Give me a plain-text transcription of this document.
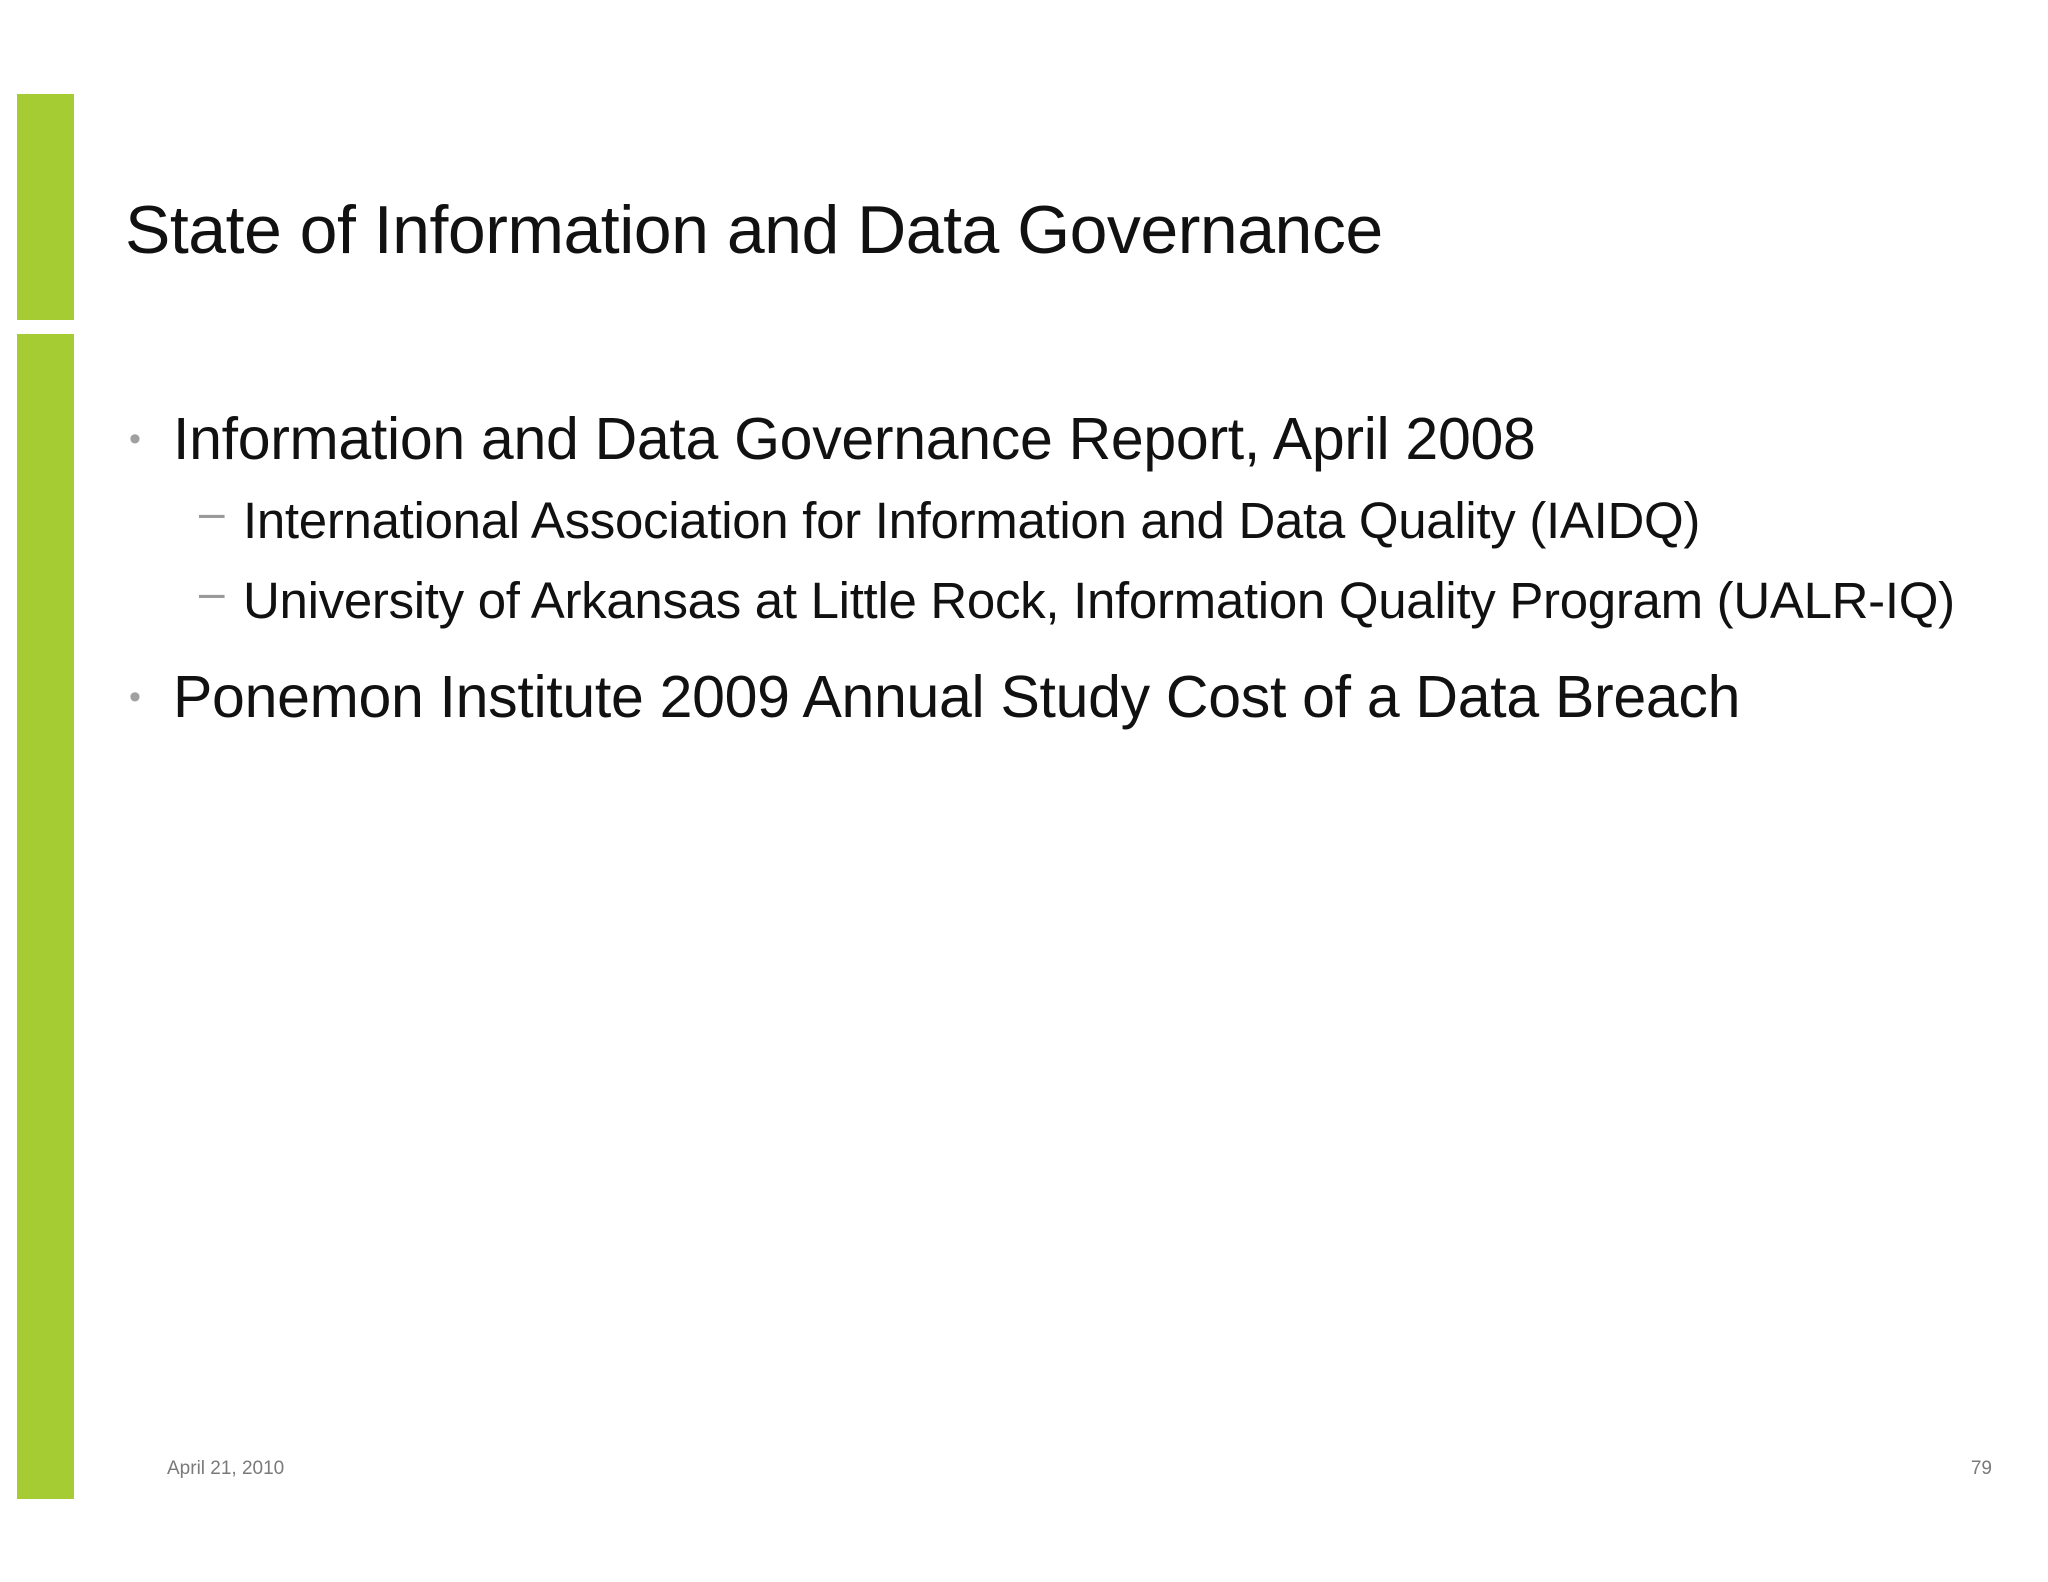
State of Information and Data Governance
• Information and Data Governance Report, April 2008
– International Association for Information and Data Quality (IAIDQ)
– University of Arkansas at Little Rock, Information Quality Program (UALR-IQ)
• Ponemon Institute 2009 Annual Study Cost of a Data Breach
April 21, 2010	79
